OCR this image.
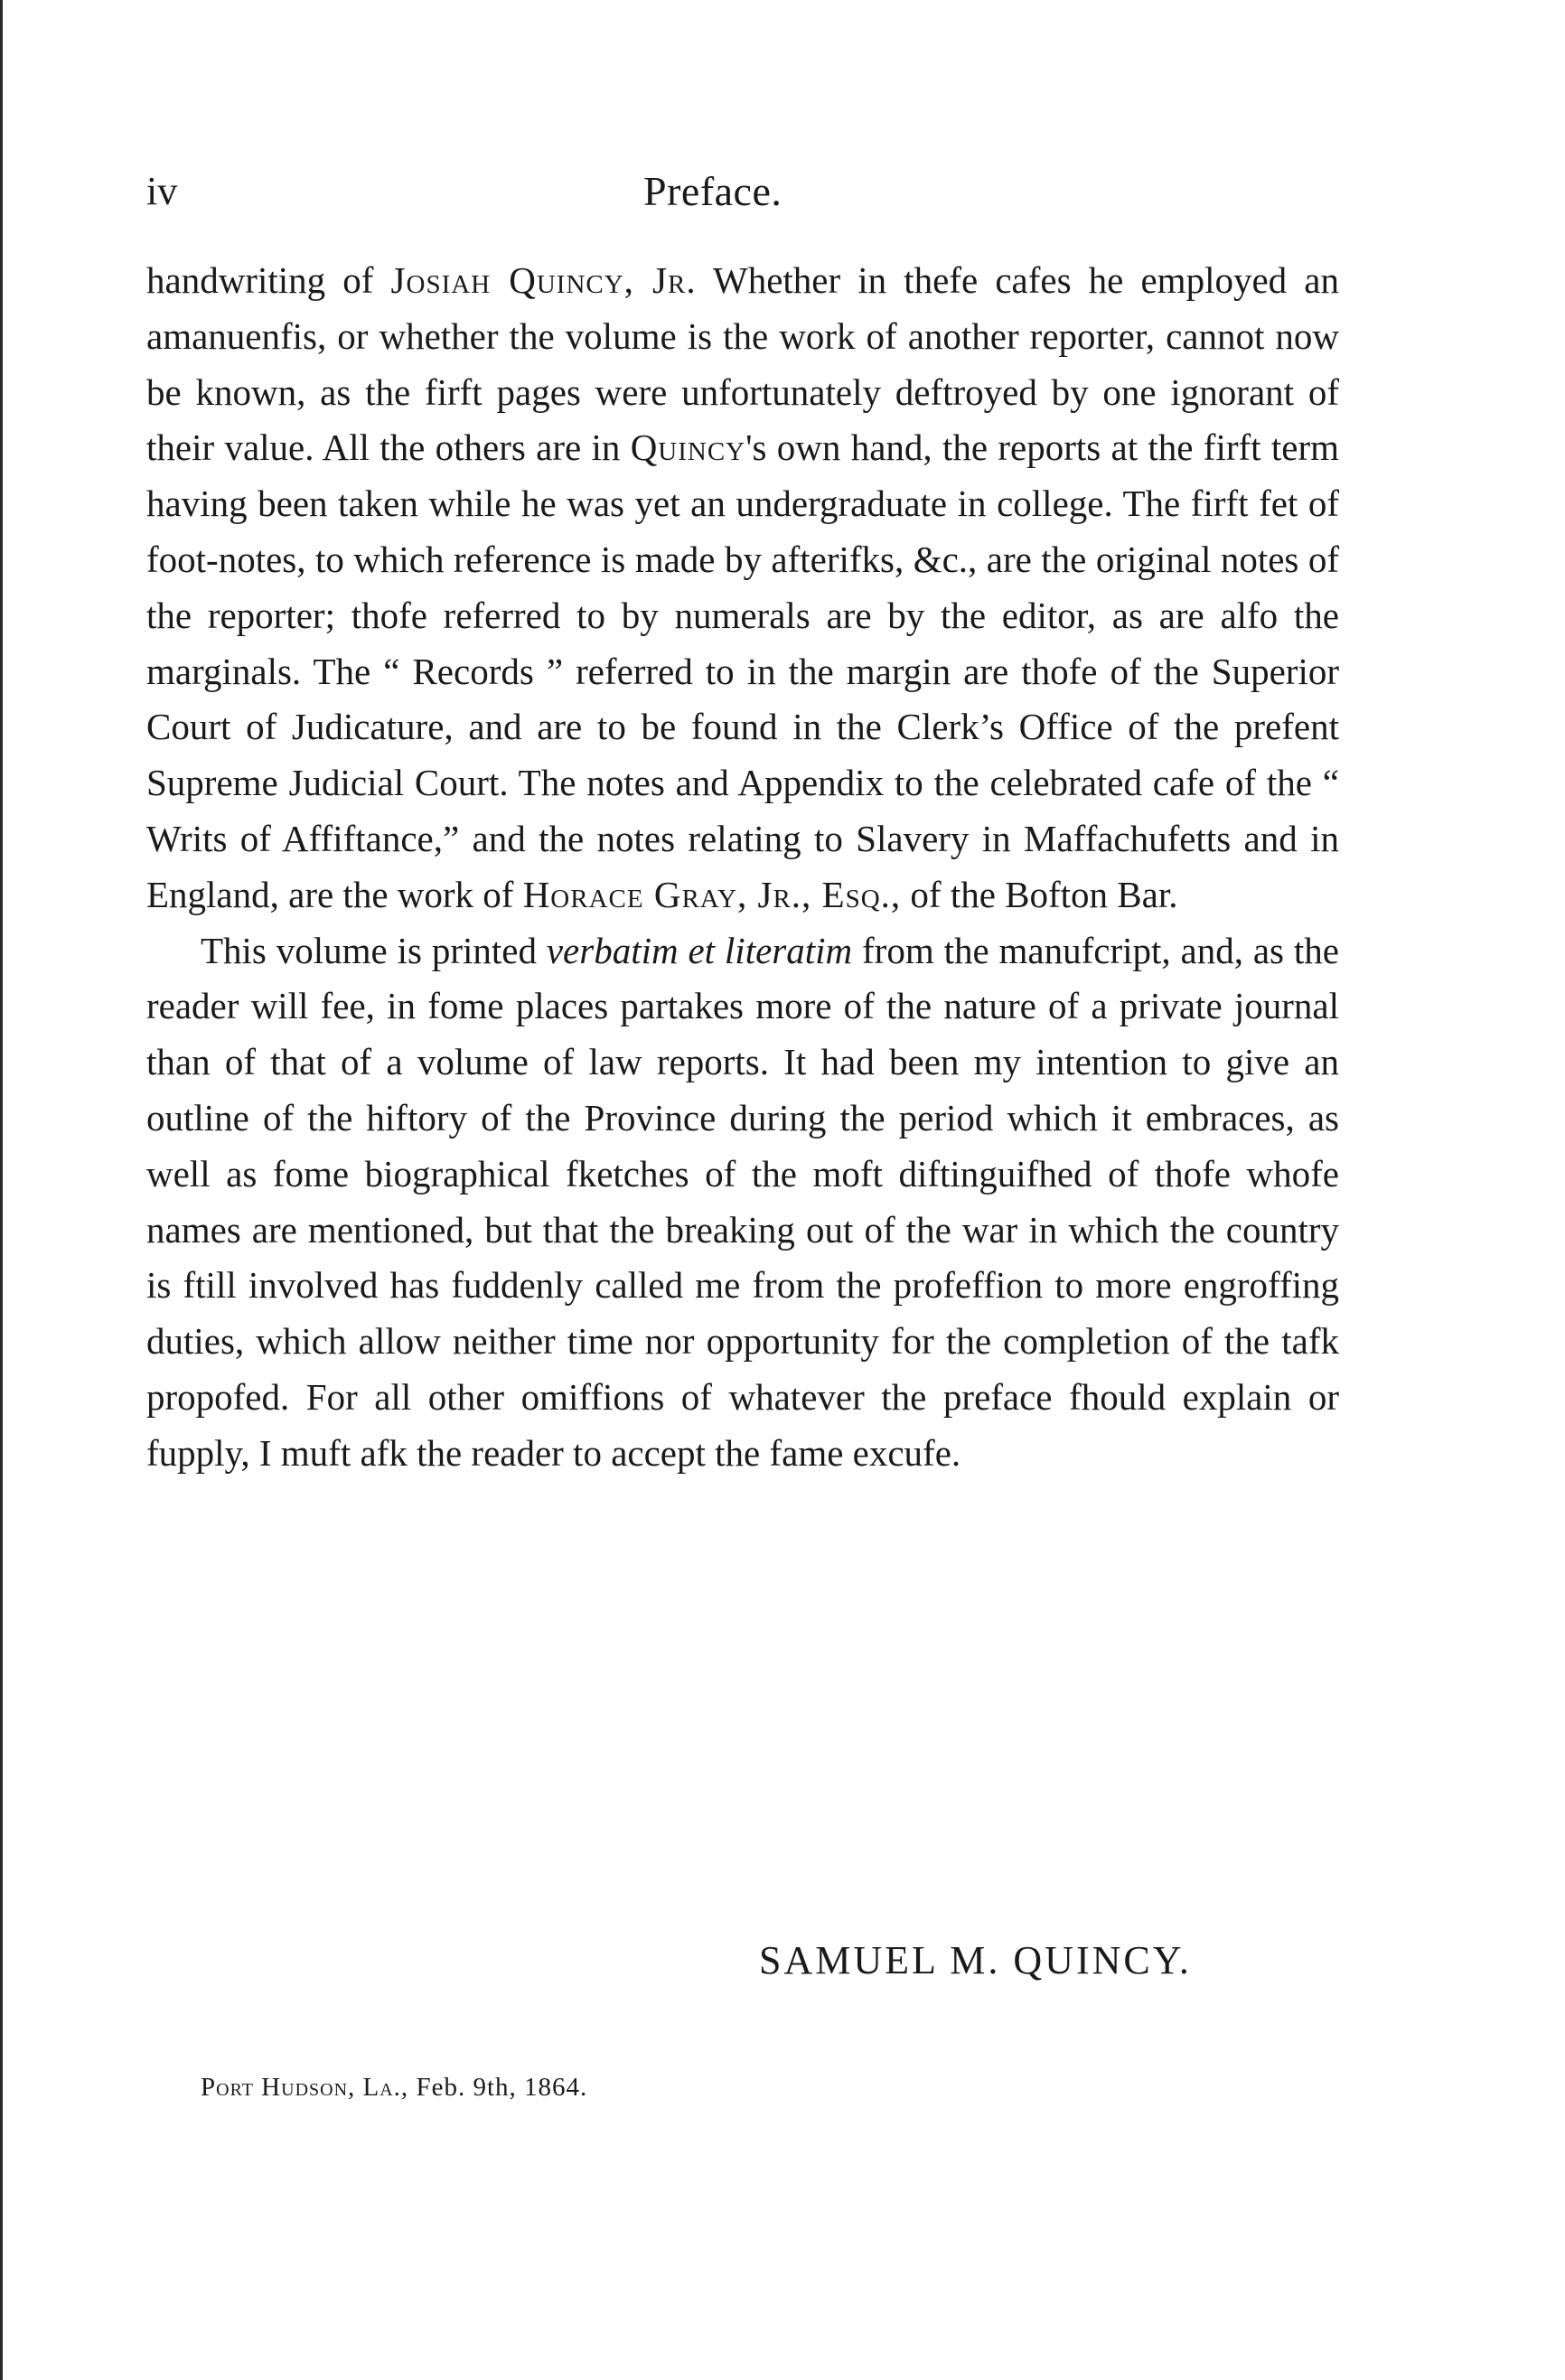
iv	Preface.

handwriting of Josiah Quincy, Jr. Whether in thefe cafes he employed an amanuenfis, or whether the volume is the work of another reporter, cannot now be known, as the firft pages were unfortunately deftroyed by one ignorant of their value. All the others are in Quincy's own hand, the reports at the firft term having been taken while he was yet an undergraduate in college. The firft fet of foot-notes, to which reference is made by afterifks, &c., are the original notes of the reporter; thofe referred to by numerals are by the editor, as are alfo the marginals. The “ Records ” referred to in the margin are thofe of the Superior Court of Judicature, and are to be found in the Clerk’s Office of the prefent Supreme Judicial Court. The notes and Appendix to the celebrated cafe of the “ Writs of Affiftance,” and the notes relating to Slavery in Maffachufetts and in England, are the work of Horace Gray, Jr., Esq., of the Bofton Bar.

This volume is printed verbatim et literatim from the manufcript, and, as the reader will fee, in fome places partakes more of the nature of a private journal than of that of a volume of law reports. It had been my intention to give an outline of the hiftory of the Province during the period which it embraces, as well as fome biographical fketches of the moft diftinguifhed of thofe whofe names are mentioned, but that the breaking out of the war in which the country is ftill involved has fuddenly called me from the profeffion to more engroffing duties, which allow neither time nor opportunity for the completion of the tafk propofed. For all other omiffions of whatever the preface fhould explain or fupply, I muft afk the reader to accept the fame excufe.

SAMUEL M. QUINCY.
Port Hudson, La., Feb. 9th, 1864.
